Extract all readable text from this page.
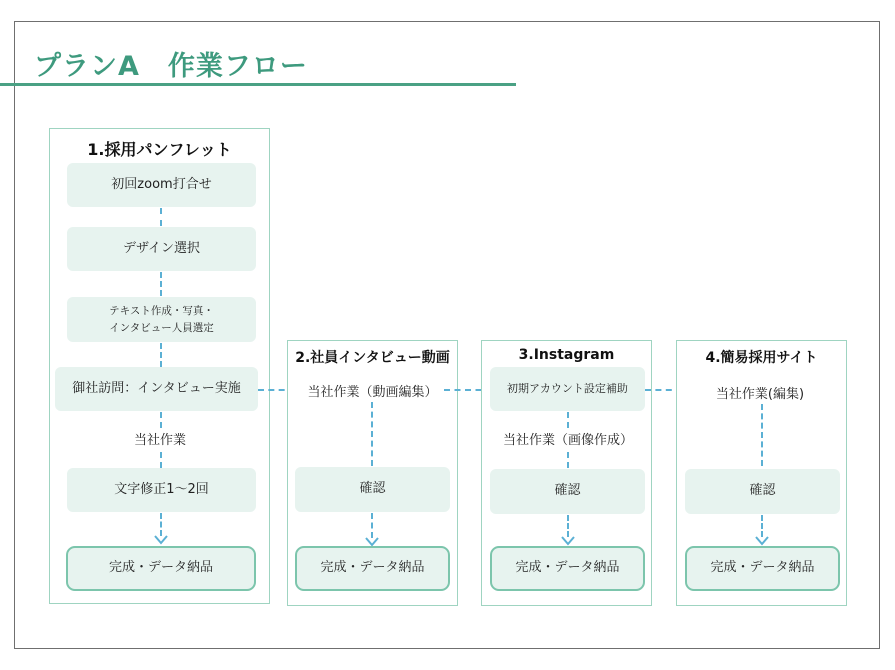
プランA　作業フロー
1.採用パンフレット
初回zoom打合せ
デザイン選択
テキスト作成・写真・
インタビュー人員選定
御社訪問：インタビュー実施
当社作業
文字修正1〜2回
完成・データ納品
2.社員インタビュー動画
当社作業（動画編集）
確認
完成・データ納品
3.Instagram
初期アカウント設定補助
当社作業（画像作成）
確認
完成・データ納品
4.簡易採用サイト
当社作業(編集)
確認
完成・データ納品
